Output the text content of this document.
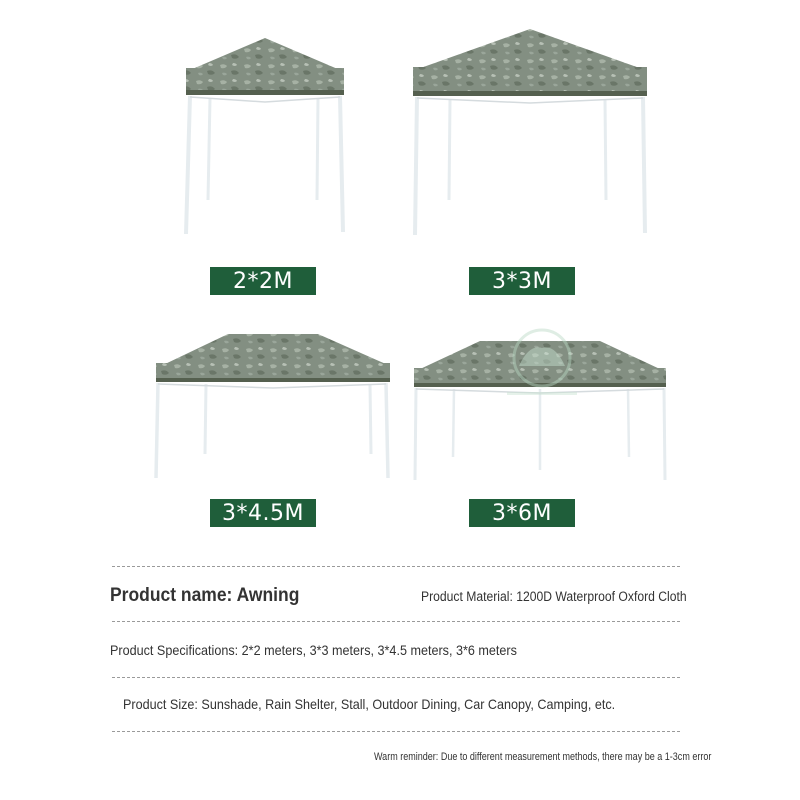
2*2M	3*3M
3*4.5M	3*6M
Product name: Awning	Product Material: 1200D Waterproof Oxford Cloth
Product Specifications: 2*2 meters, 3*3 meters, 3*4.5 meters, 3*6 meters
Product Size: Sunshade, Rain Shelter, Stall, Outdoor Dining, Car Canopy, Camping, etc.
Warm reminder: Due to different measurement methods, there may be a 1-3cm error
